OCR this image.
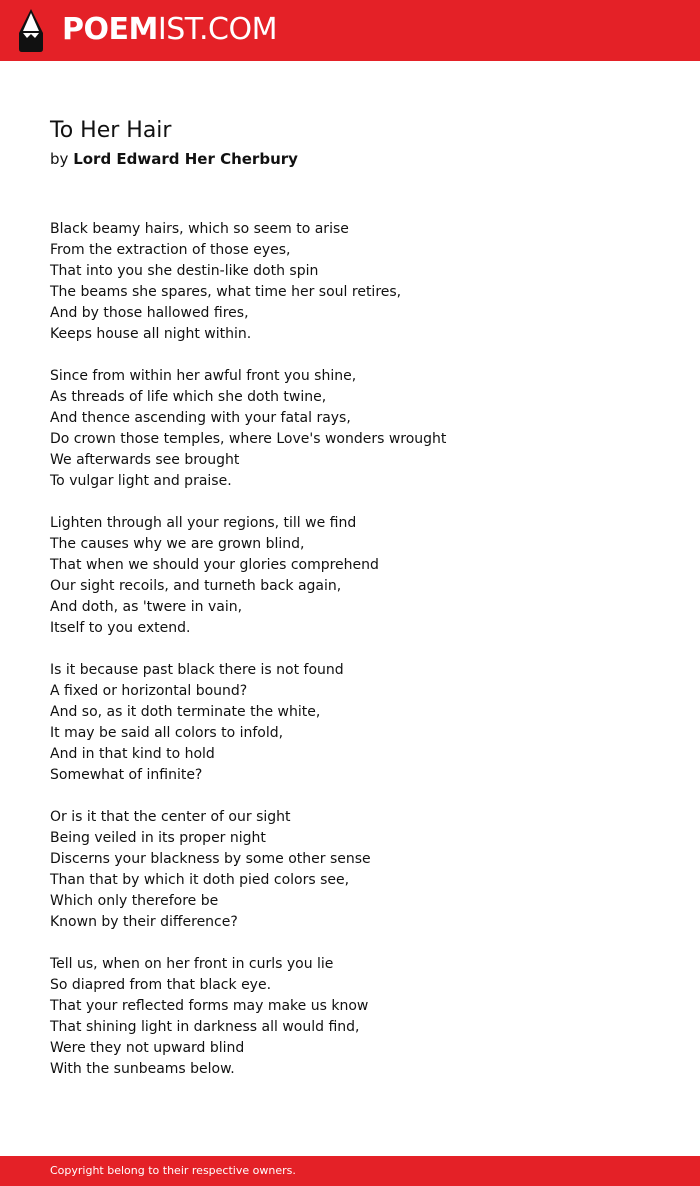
POEMIST.COM
To Her Hair
by Lord Edward Her Cherbury
Black beamy hairs, which so seem to arise
From the extraction of those eyes,
That into you she destin-like doth spin
The beams she spares, what time her soul retires,
And by those hallowed fires,
Keeps house all night within.
Since from within her awful front you shine,
As threads of life which she doth twine,
And thence ascending with your fatal rays,
Do crown those temples, where Love's wonders wrought
We afterwards see brought
To vulgar light and praise.
Lighten through all your regions, till we find
The causes why we are grown blind,
That when we should your glories comprehend
Our sight recoils, and turneth back again,
And doth, as 'twere in vain,
Itself to you extend.
Is it because past black there is not found
A fixed or horizontal bound?
And so, as it doth terminate the white,
It may be said all colors to infold,
And in that kind to hold
Somewhat of infinite?
Or is it that the center of our sight
Being veiled in its proper night
Discerns your blackness by some other sense
Than that by which it doth pied colors see,
Which only therefore be
Known by their difference?
Tell us, when on her front in curls you lie
So diapred from that black eye.
That your reflected forms may make us know
That shining light in darkness all would find,
Were they not upward blind
With the sunbeams below.
Copyright belong to their respective owners.
